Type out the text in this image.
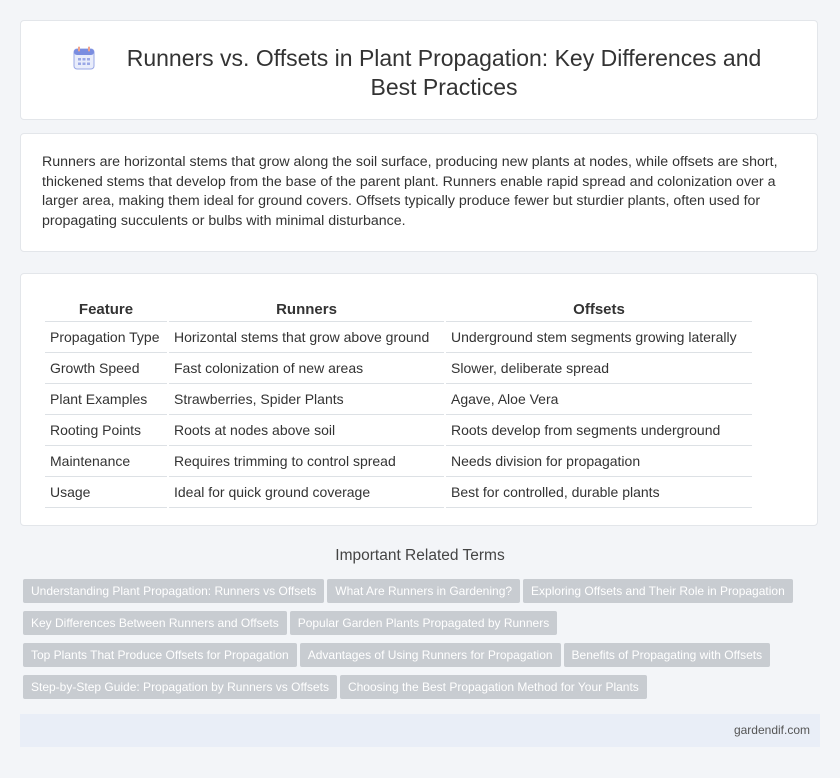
Runners vs. Offsets in Plant Propagation: Key Differences and Best Practices

Runners are horizontal stems that grow along the soil surface, producing new plants at nodes, while offsets are short, thickened stems that develop from the base of the parent plant. Runners enable rapid spread and colonization over a larger area, making them ideal for ground covers. Offsets typically produce fewer but sturdier plants, often used for propagating succulents or bulbs with minimal disturbance.

Feature	Runners	Offsets
Propagation Type	Horizontal stems that grow above ground	Underground stem segments growing laterally
Growth Speed	Fast colonization of new areas	Slower, deliberate spread
Plant Examples	Strawberries, Spider Plants	Agave, Aloe Vera
Rooting Points	Roots at nodes above soil	Roots develop from segments underground
Maintenance	Requires trimming to control spread	Needs division for propagation
Usage	Ideal for quick ground coverage	Best for controlled, durable plants
Important Related Terms
Understanding Plant Propagation: Runners vs Offsets What Are Runners in Gardening? Exploring Offsets and Their Role in Propagation
Key Differences Between Runners and Offsets Popular Garden Plants Propagated by Runners
Top Plants That Produce Offsets for Propagation Advantages of Using Runners for Propagation Benefits of Propagating with Offsets
Step-by-Step Guide: Propagation by Runners vs Offsets Choosing the Best Propagation Method for Your Plants
gardendif.com
